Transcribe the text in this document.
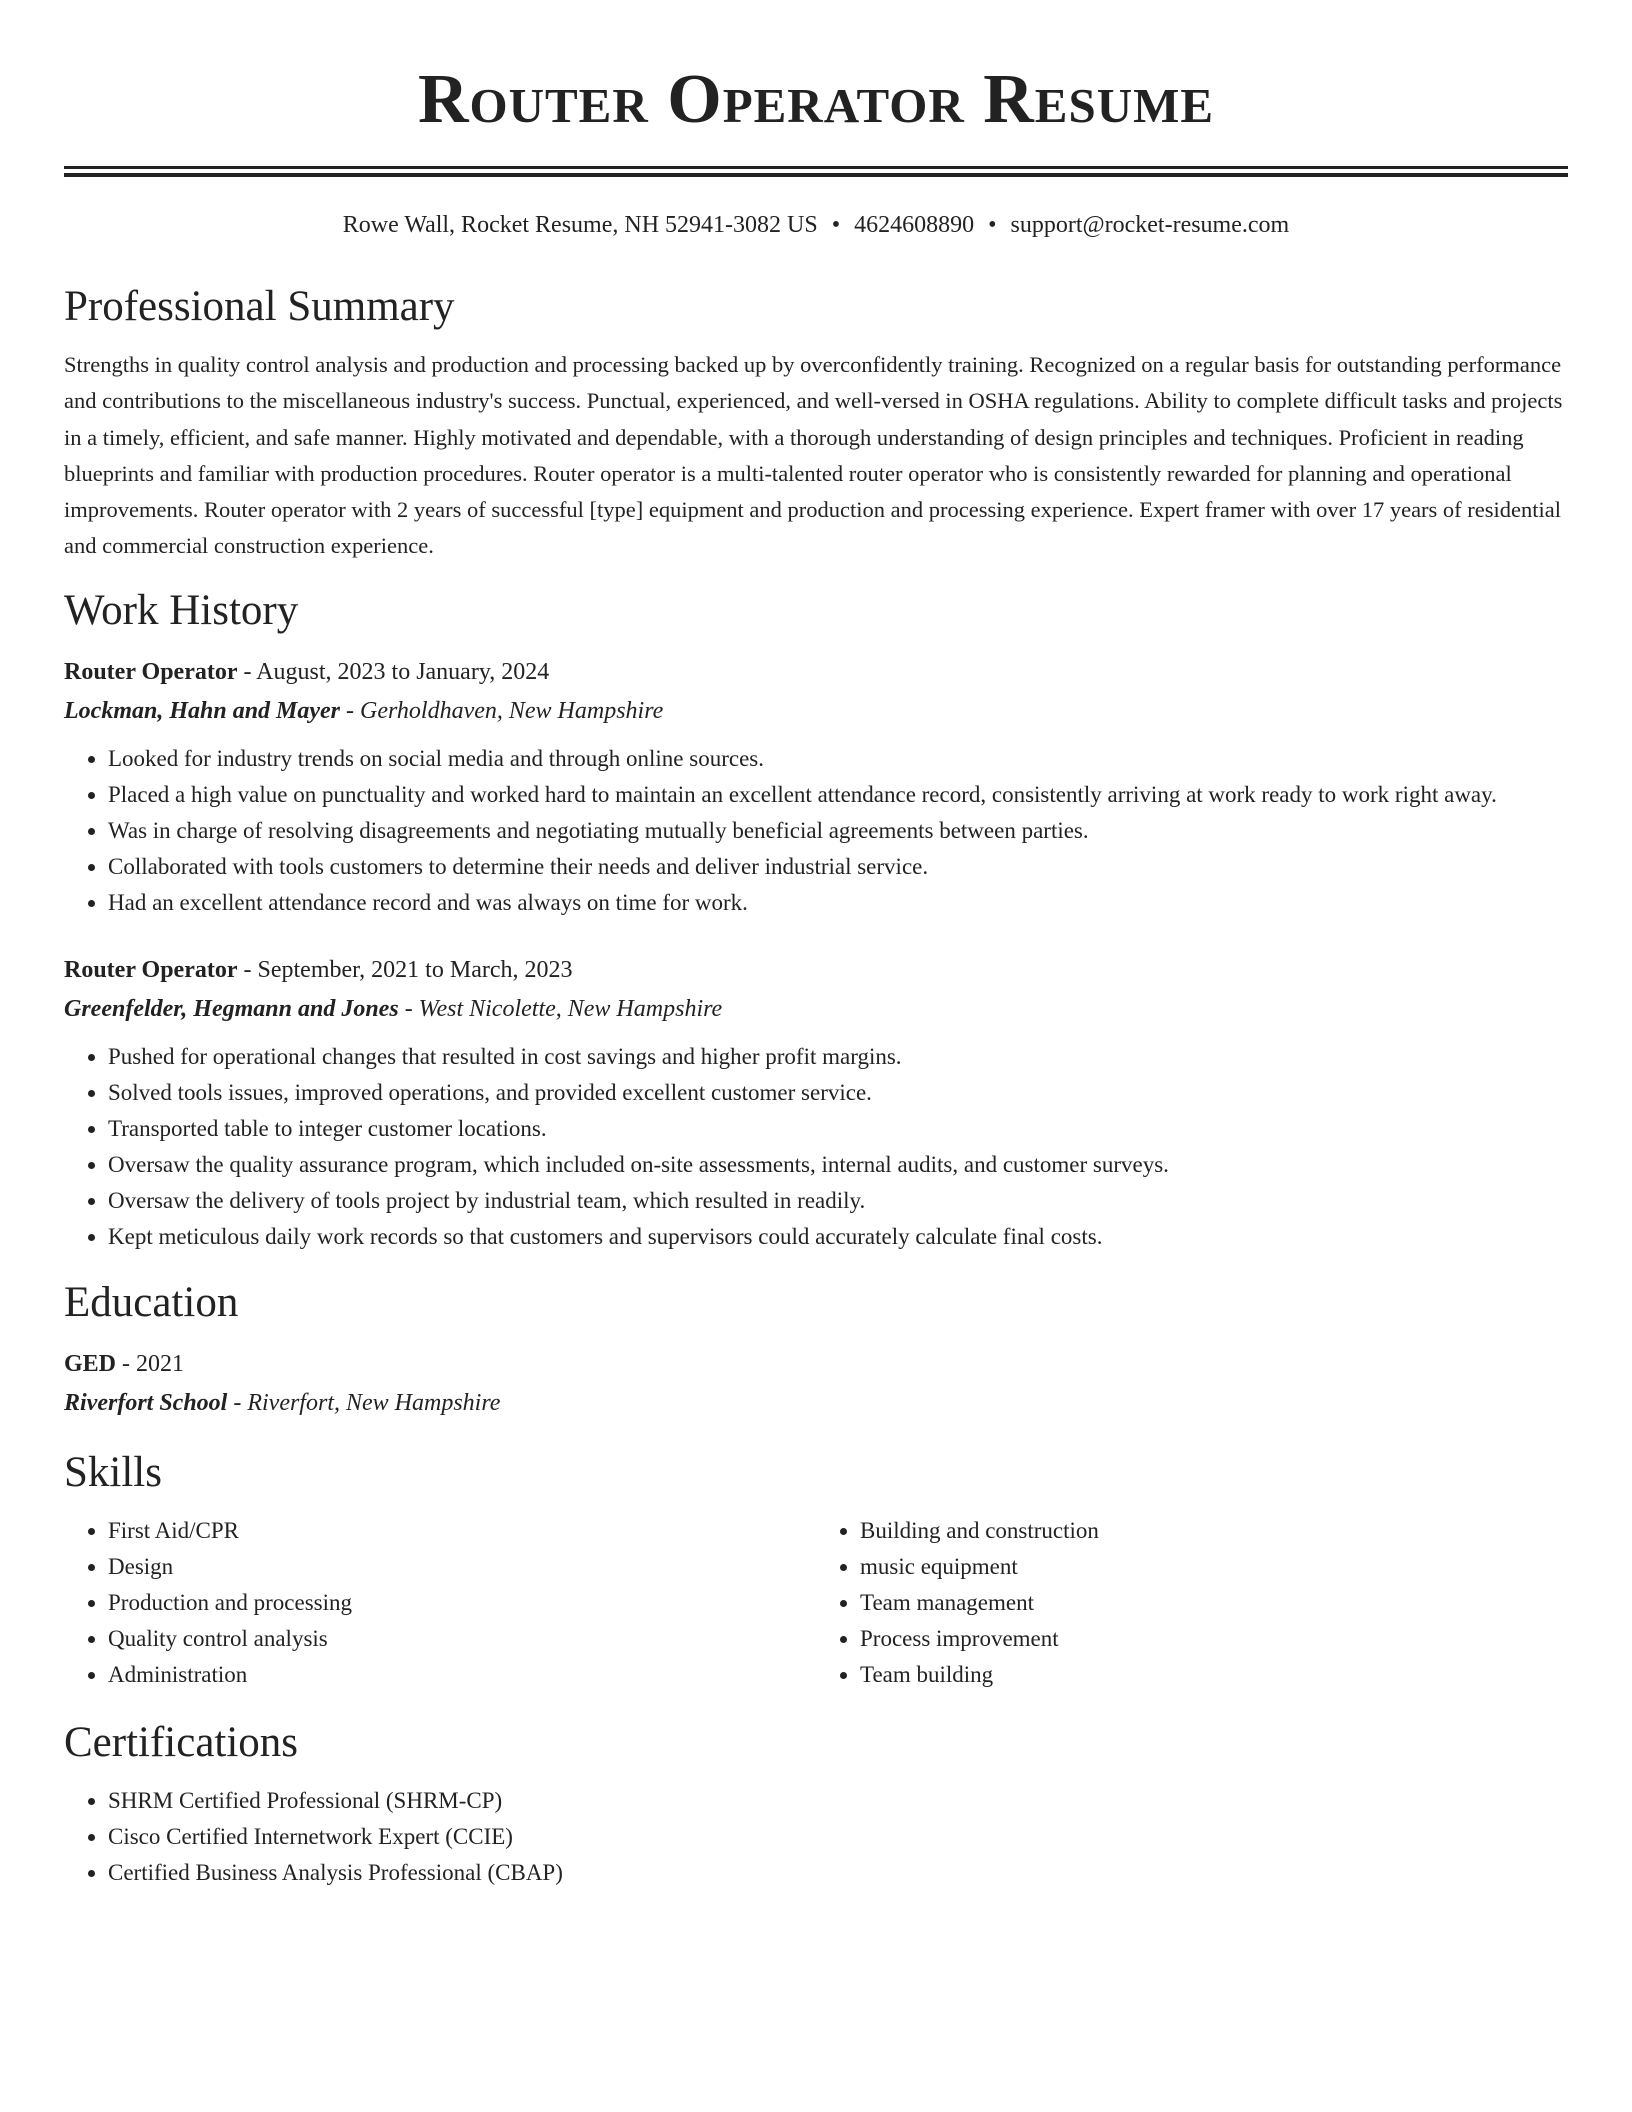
Router Operator Resume
Rowe Wall, Rocket Resume, NH 52941-3082 US • 4624608890 • support@rocket-resume.com
Professional Summary

Strengths in quality control analysis and production and processing backed up by overconfidently training. Recognized on a regular basis for outstanding performance and contributions to the miscellaneous industry's success. Punctual, experienced, and well-versed in OSHA regulations. Ability to complete difficult tasks and projects in a timely, efficient, and safe manner. Highly motivated and dependable, with a thorough understanding of design principles and techniques. Proficient in reading blueprints and familiar with production procedures. Router operator is a multi-talented router operator who is consistently rewarded for planning and operational improvements. Router operator with 2 years of successful [type] equipment and production and processing experience. Expert framer with over 17 years of residential and commercial construction experience.

Work History
Router Operator - August, 2023 to January, 2024
Lockman, Hahn and Mayer - Gerholdhaven, New Hampshire
• Looked for industry trends on social media and through online sources.
• Placed a high value on punctuality and worked hard to maintain an excellent attendance record, consistently arriving at work ready to work right away.
• Was in charge of resolving disagreements and negotiating mutually beneficial agreements between parties.
• Collaborated with tools customers to determine their needs and deliver industrial service.
• Had an excellent attendance record and was always on time for work.
Router Operator - September, 2021 to March, 2023
Greenfelder, Hegmann and Jones - West Nicolette, New Hampshire
• Pushed for operational changes that resulted in cost savings and higher profit margins.
• Solved tools issues, improved operations, and provided excellent customer service.
• Transported table to integer customer locations.
• Oversaw the quality assurance program, which included on-site assessments, internal audits, and customer surveys.
• Oversaw the delivery of tools project by industrial team, which resulted in readily.
• Kept meticulous daily work records so that customers and supervisors could accurately calculate final costs.
Education
GED - 2021
Riverfort School - Riverfort, New Hampshire
Skills
• First Aid/CPR
• Design
• Production and processing
• Quality control analysis
• Administration
• Building and construction
• music equipment
• Team management
• Process improvement
• Team building
Certifications
• SHRM Certified Professional (SHRM-CP)
• Cisco Certified Internetwork Expert (CCIE)
• Certified Business Analysis Professional (CBAP)
